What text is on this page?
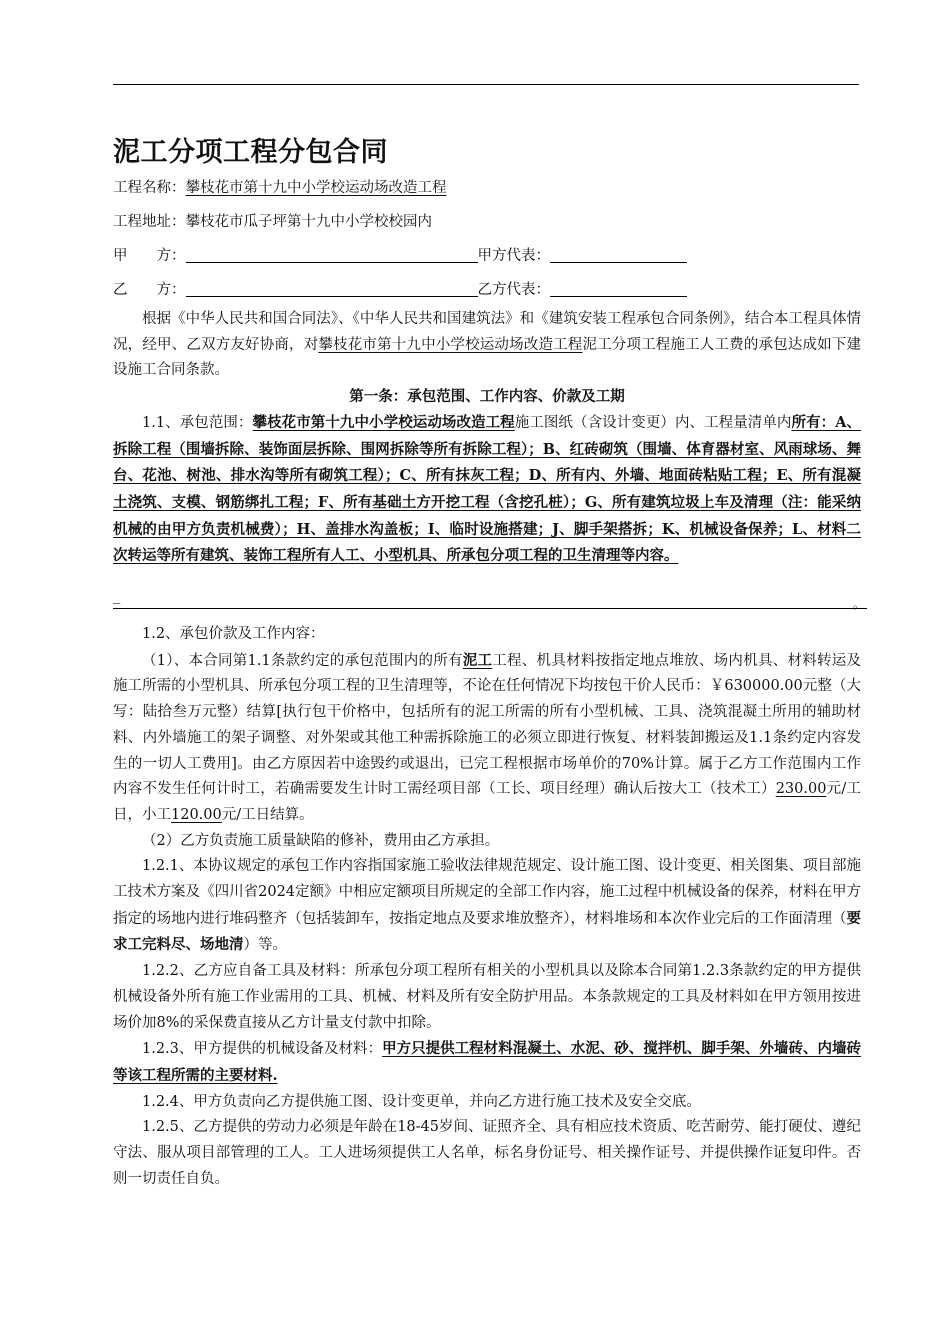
泥工分项工程分包合同
工程名称：攀枝花市第十九中小学校运动场改造工程
工程地址：攀枝花市瓜子坪第十九中小学校校园内
甲　　方：	甲方代表：
乙　　方：	乙方代表：

根据《中华人民共和国合同法》、《中华人民共和国建筑法》和《建筑安装工程承包合同条例》，结合本工程具体情况，经甲、乙双方友好协商，对攀枝花市第十九中小学校运动场改造工程泥工分项工程施工人工费的承包达成如下建设施工合同条款。

第一条：承包范围、工作内容、价款及工期

1.1、承包范围：攀枝花市第十九中小学校运动场改造工程施工图纸（含设计变更）内、工程量清单内所有：A、拆除工程（围墙拆除、装饰面层拆除、围网拆除等所有拆除工程）；B、红砖砌筑（围墙、体育器材室、风雨球场、舞台、花池、树池、排水沟等所有砌筑工程）；C、所有抹灰工程；D、所有内、外墙、地面砖粘贴工程；E、所有混凝土浇筑、支模、钢筋绑扎工程；F、所有基础土方开挖工程（含挖孔桩）；G、所有建筑垃圾上车及清理（注：能采纳机械的由甲方负责机械费）；H、盖排水沟盖板；I、临时设施搭建；J、脚手架搭拆；K、机械设备保养；L、材料二次转运等所有建筑、装饰工程所有人工、小型机具、所承包分项工程的卫生清理等内容。

_	。

1.2、承包价款及工作内容：

（1）、本合同第1.1条款约定的承包范围内的所有泥工工程、机具材料按指定地点堆放、场内机具、材料转运及施工所需的小型机具、所承包分项工程的卫生清理等，不论在任何情况下均按包干价人民币：￥630000.00元整（大写：陆拾叁万元整）结算[执行包干价格中，包括所有的泥工所需的所有小型机械、工具、浇筑混凝土所用的辅助材料、内外墙施工的架子调整、对外架或其他工种需拆除施工的必须立即进行恢复、材料装卸搬运及1.1条约定内容发生的一切人工费用]。由乙方原因若中途毁约或退出，已完工程根据市场单价的70%计算。属于乙方工作范围内工作内容不发生任何计时工，若确需要发生计时工需经项目部（工长、项目经理）确认后按大工（技术工）230.00元/工日，小工120.00元/工日结算。

（2）乙方负责施工质量缺陷的修补，费用由乙方承担。

1.2.1、本协议规定的承包工作内容指国家施工验收法律规范规定、设计施工图、设计变更、相关图集、项目部施工技术方案及《四川省2024定额》中相应定额项目所规定的全部工作内容，施工过程中机械设备的保养，材料在甲方指定的场地内进行堆码整齐（包括装卸车，按指定地点及要求堆放整齐），材料堆场和本次作业完后的工作面清理（要求工完料尽、场地清）等。

1.2.2、乙方应自备工具及材料：所承包分项工程所有相关的小型机具以及除本合同第1.2.3条款约定的甲方提供机械设备外所有施工作业需用的工具、机械、材料及所有安全防护用品。本条款规定的工具及材料如在甲方领用按进场价加8%的采保费直接从乙方计量支付款中扣除。

1.2.3、甲方提供的机械设备及材料：甲方只提供工程材料混凝土、水泥、砂、搅拌机、脚手架、外墙砖、内墙砖等该工程所需的主要材料.

1.2.4、甲方负责向乙方提供施工图、设计变更单，并向乙方进行施工技术及安全交底。

1.2.5、乙方提供的劳动力必须是年龄在18-45岁间、证照齐全、具有相应技术资质、吃苦耐劳、能打硬仗、遵纪守法、服从项目部管理的工人。工人进场须提供工人名单，标名身份证号、相关操作证号、并提供操作证复印件。否则一切责任自负。
